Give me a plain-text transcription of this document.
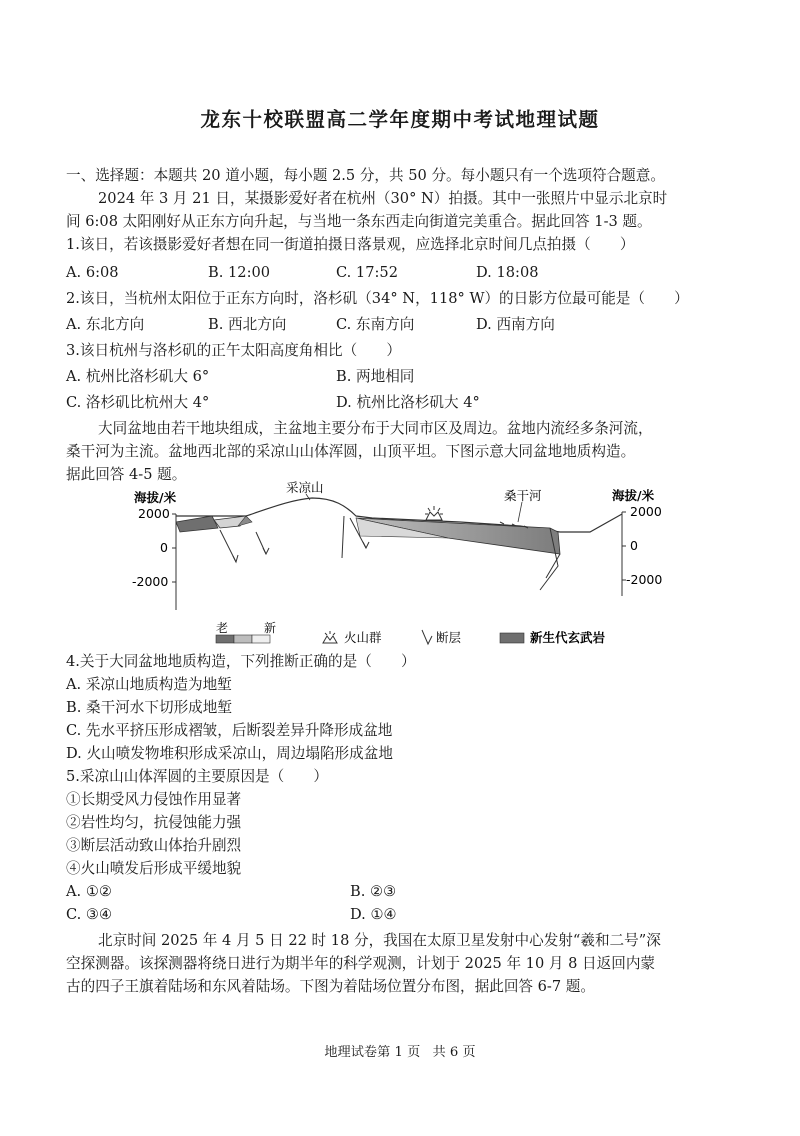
龙东十校联盟高二学年度期中考试地理试题
一、选择题：本题共 20 道小题，每小题 2.5 分，共 50 分。每小题只有一个选项符合题意。
2024 年 3 月 21 日，某摄影爱好者在杭州（30° N）拍摄。其中一张照片中显示北京时
间 6:08 太阳刚好从正东方向升起，与当地一条东西走向街道完美重合。据此回答 1-3 题。
1.该日，若该摄影爱好者想在同一街道拍摄日落景观，应选择北京时间几点拍摄（　　）
A. 6:08	B. 12:00	C. 17:52	D. 18:08
2.该日，当杭州太阳位于正东方向时，洛杉矶（34° N，118° W）的日影方位最可能是（　　）
A. 东北方向	B. 西北方向	C. 东南方向	D. 西南方向
3.该日杭州与洛杉矶的正午太阳高度角相比（　　）
A. 杭州比洛杉矶大 6°	B. 两地相同
C. 洛杉矶比杭州大 4°	D. 杭州比洛杉矶大 4°
大同盆地由若干地块组成，主盆地主要分布于大同市区及周边。盆地内流经多条河流，
桑干河为主流。盆地西北部的采凉山山体浑圆，山顶平坦。下图示意大同盆地地质构造。
据此回答 4-5 题。
海拔/米	海拔/米
2000
0
-2000
2000
0
-2000
采凉山
桑干河
老	新
火山群	断层	新生代玄武岩
4.关于大同盆地地质构造，下列推断正确的是（　　）
A. 采凉山地质构造为地堑
B. 桑干河水下切形成地堑
C. 先水平挤压形成褶皱，后断裂差异升降形成盆地
D. 火山喷发物堆积形成采凉山，周边塌陷形成盆地
5.采凉山山体浑圆的主要原因是（　　）
①长期受风力侵蚀作用显著
②岩性均匀，抗侵蚀能力强
③断层活动致山体抬升剧烈
④火山喷发后形成平缓地貌
A. ①②	B. ②③
C. ③④	D. ①④
北京时间 2025 年 4 月 5 日 22 时 18 分，我国在太原卫星发射中心发射“羲和二号”深
空探测器。该探测器将绕日进行为期半年的科学观测，计划于 2025 年 10 月 8 日返回内蒙
古的四子王旗着陆场和东风着陆场。下图为着陆场位置分布图，据此回答 6-7 题。
地理试卷第 1 页 共 6 页
